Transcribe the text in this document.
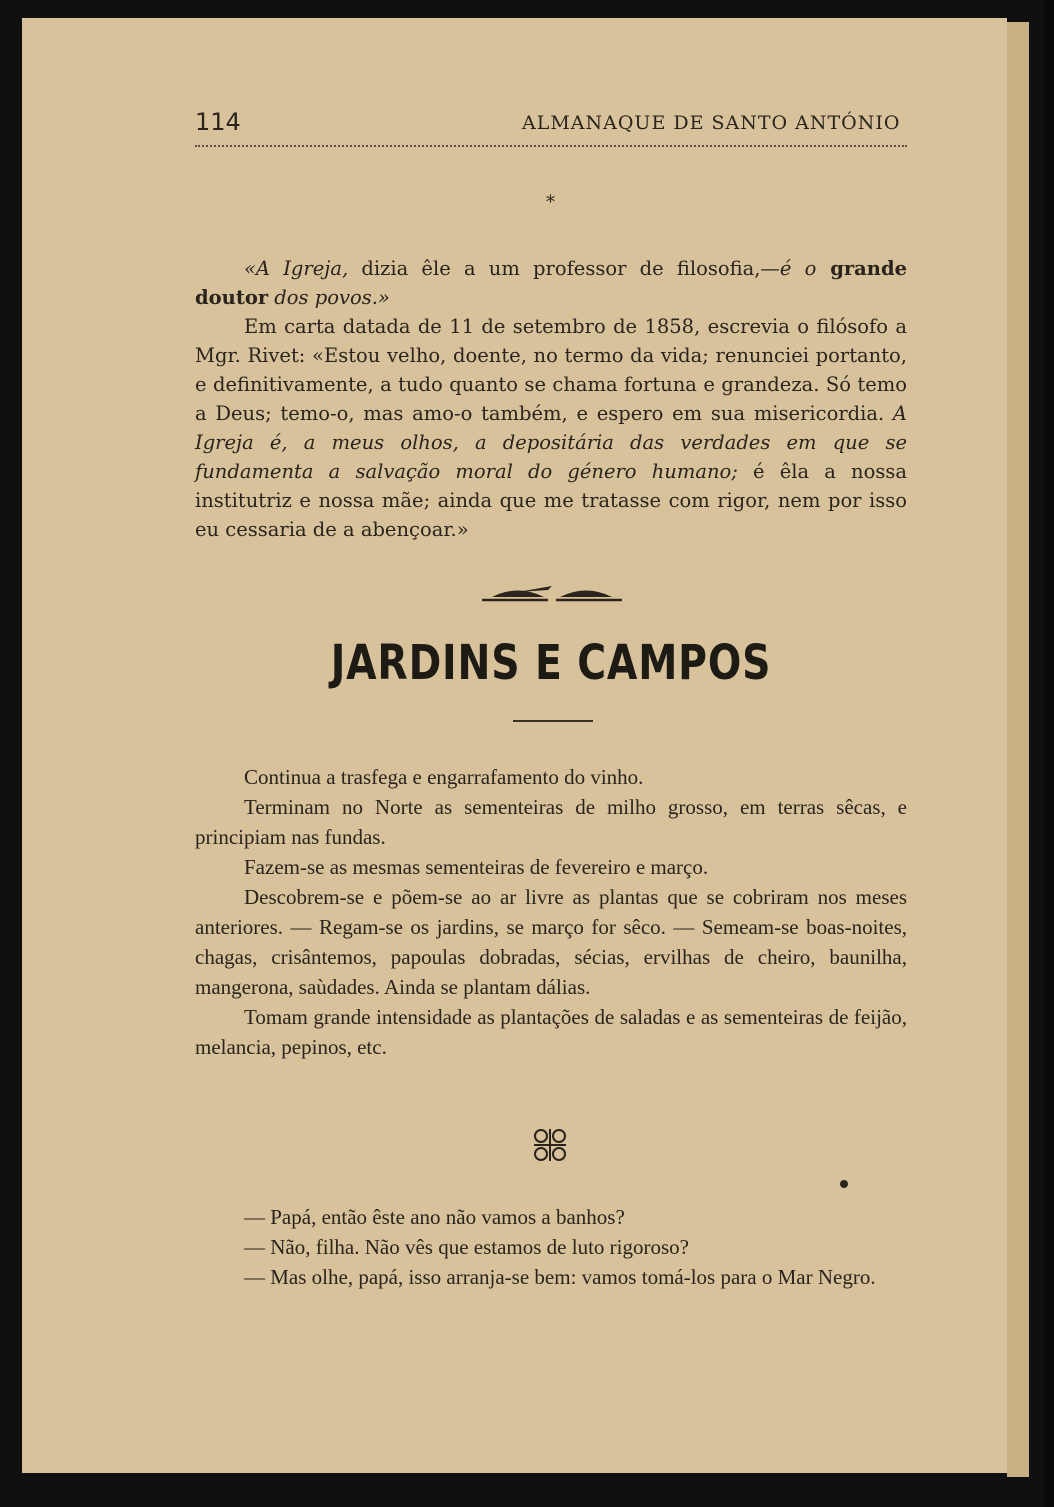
114	ALMANAQUE DE SANTO ANTÓNIO
*

«A Igreja, dizia êle a um professor de filosofia,—é o grande doutor dos povos.»

Em carta datada de 11 de setembro de 1858, escrevia o filósofo a Mgr. Rivet: «Estou velho, doente, no termo da vida; renunciei portanto, e definitivamente, a tudo quanto se chama fortuna e grandeza. Só temo a Deus; temo-o, mas amo-o também, e espero em sua misericordia. A Igreja é, a meus olhos, a depositária das verdades em que se fundamenta a salvação moral do género humano; é êla a nossa institutriz e nossa mãe; ainda que me tratasse com rigor, nem por isso eu cessaria de a abençoar.»

JARDINS E CAMPOS

Continua a trasfega e engarrafamento do vinho.

Terminam no Norte as sementeiras de milho grosso, em terras sêcas, e principiam nas fundas.

Fazem-se as mesmas sementeiras de fevereiro e março.

Descobrem-se e põem-se ao ar livre as plantas que se cobriram nos meses anteriores. — Regam-se os jardins, se março for sêco. — Semeam-se boas-noites, chagas, crisântemos, papoulas dobradas, sécias, ervilhas de cheiro, baunilha, mangerona, saùdades. Ainda se plantam dálias.

Tomam grande intensidade as plantações de saladas e as sementeiras de feijão, melancia, pepinos, etc.

— Papá, então êste ano não vamos a banhos?

— Não, filha. Não vês que estamos de luto rigoroso?

— Mas olhe, papá, isso arranja-se bem: vamos tomá-los para o Mar Negro.
